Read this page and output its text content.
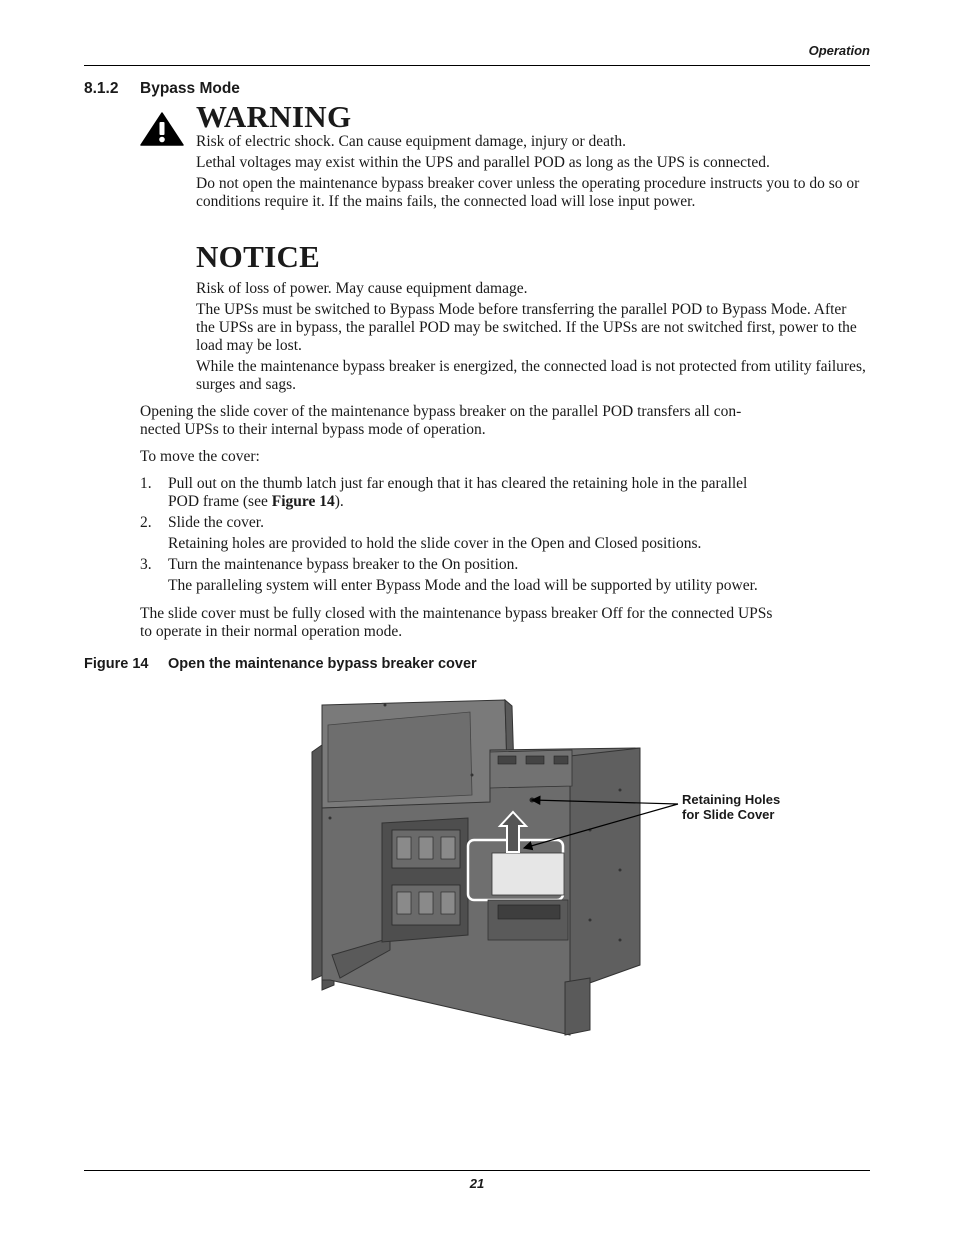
Operation
8.1.2 Bypass Mode
WARNING

Risk of electric shock. Can cause equipment damage, injury or death.

Lethal voltages may exist within the UPS and parallel POD as long as the UPS is connected.

Do not open the maintenance bypass breaker cover unless the operating procedure instructs you to do so or conditions require it. If the mains fails, the connected load will lose input power.

NOTICE

Risk of loss of power. May cause equipment damage.

The UPSs must be switched to Bypass Mode before transferring the parallel POD to Bypass Mode. After the UPSs are in bypass, the parallel POD may be switched. If the UPSs are not switched first, power to the load may be lost.

While the maintenance bypass breaker is energized, the connected load is not protected from utility failures, surges and sags.

Opening the slide cover of the maintenance bypass breaker on the parallel POD transfers all con-
nected UPSs to their internal bypass mode of operation.
To move the cover:
1. Pull out on the thumb latch just far enough that it has cleared the retaining hole in the parallel
POD frame (see Figure 14).
2. Slide the cover.
Retaining holes are provided to hold the slide cover in the Open and Closed positions.
3. Turn the maintenance bypass breaker to the On position.
The paralleling system will enter Bypass Mode and the load will be supported by utility power.
The slide cover must be fully closed with the maintenance bypass breaker Off for the connected UPSs
to operate in their normal operation mode.
Figure 14 Open the maintenance bypass breaker cover
Retaining Holes
for Slide Cover
21
